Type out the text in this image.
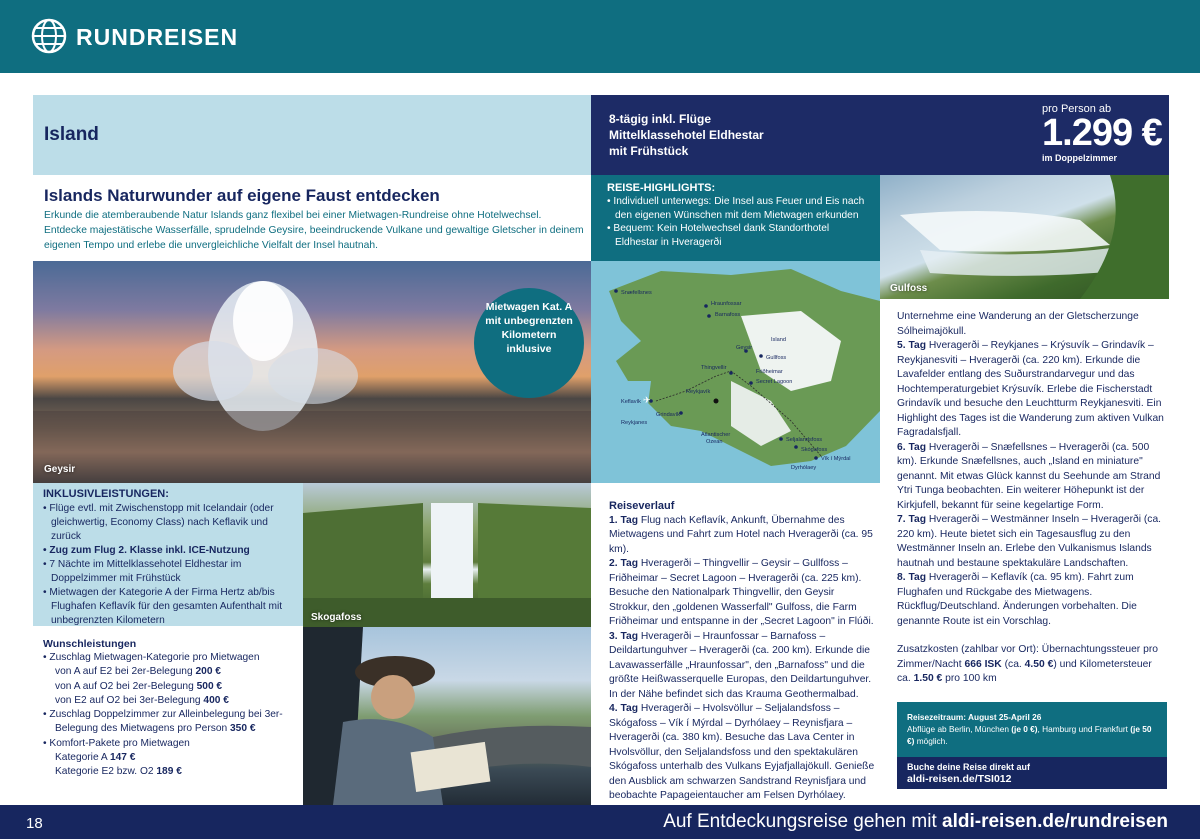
RUNDREISEN
Island
8-tägig inkl. Flüge
Mittelklassehotel Eldhestar
mit Frühstück
pro Person ab
1.299 €
im Doppelzimmer
Islands Naturwunder auf eigene Faust entdecken
Erkunde die atemberaubende Natur Islands ganz flexibel bei einer Mietwagen-Rundreise ohne Hotelwechsel. Entdecke majestätische Wasserfälle, sprudelnde Geysire, beeindruckende Vulkane und gewaltige Gletscher in deinem eigenen Tempo und erlebe die unvergleichliche Vielfalt der Insel hautnah.
REISE-HIGHLIGHTS:
• Individuell unterwegs: Die Insel aus Feuer und Eis nach den eigenen Wünschen mit dem Mietwagen erkunden
• Bequem: Kein Hotelwechsel dank Standorthotel Eldhestar in Hveragerði
Geysir
Mietwagen Kat. A
mit unbegrenzten
Kilometern
inklusive
Gulfoss
Snæfellsnes
Hraunfossar
Barnafoss
Island
Geysir
Gullfoss
Thingvellir
Friðheimar
Secret Lagoon
Keflavík
Reykjanes
Grindavík
Atlantischer
Ozean	Seljalandsfoss
Skógafoss
Vík í Mýrdal
Dyrhólaey
Reykjavík
✈
INKLUSIVLEISTUNGEN:
• Flüge evtl. mit Zwischenstopp mit Icelandair (oder gleichwertig, Economy Class) nach Keflavik und zurück
• Zug zum Flug 2. Klasse inkl. ICE-Nutzung
• 7 Nächte im Mittelklassehotel Eldhestar im Doppelzimmer mit Frühstück
• Mietwagen der Kategorie A der Firma Hertz ab/bis Flughafen Keflavík für den gesamten Aufenthalt mit unbegrenzten Kilometern	Skogafoss
Wunschleistungen
• Zuschlag Mietwagen-Kategorie pro Mietwagen
von A auf E2 bei 2er-Belegung 200 €
von A auf O2 bei 2er-Belegung 500 €
von E2 auf O2 bei 3er-Belegung 400 €
• Zuschlag Doppelzimmer zur Alleinbelegung bei 3er-
Belegung des Mietwagens pro Person 350 €
• Komfort-Pakete pro Mietwagen
Kategorie A 147 €
Kategorie E2 bzw. O2 189 €
Reiseverlauf
1. Tag Flug nach Keflavík, Ankunft, Übernahme des Mietwagens und Fahrt zum Hotel nach Hveragerði (ca. 95 km).
2. Tag Hveragerði – Thingvellir – Geysir – Gullfoss – Friðheimar – Secret Lagoon – Hveragerði (ca. 225 km). Besuche den Nationalpark Thingvellir, den Geysir Strokkur, den „goldenen Wasserfall" Gulfoss, die Farm Friðheimar und entspanne in der „Secret Lagoon" in Flúði.
3. Tag Hveragerði – Hraunfossar – Barnafoss – Deildartunguhver – Hveragerði (ca. 200 km). Erkunde die Lavawasserfälle „Hraunfossar", den „Barnafoss" und die größte Heißwasserquelle Europas, den Deildartunguhver. In der Nähe befindet sich das Krauma Geothermalbad.
4. Tag Hveragerði – Hvolsvöllur – Seljalandsfoss – Skógafoss – Vík í Mýrdal – Dyrhólaey – Reynisfjara – Hveragerði (ca. 380 km). Besuche das Lava Center in Hvolsvöllur, den Seljalandsfoss und den spektakulären Skógafoss unterhalb des Vulkans Eyjafjallajökull. Genieße den Ausblick am schwarzen Sandstrand Reynisfjara und beobachte Papageientaucher am Felsen Dyrhólaey.
Unternehme eine Wanderung an der Gletscherzunge Sólheimajökull.
5. Tag Hveragerði – Reykjanes – Krýsuvík – Grindavík – Reykjanesviti – Hveragerði (ca. 220 km). Erkunde die Lavafelder entlang des Suðurstrandarvegur und das Hochtemperaturgebiet Krýsuvík. Erlebe die Fischerstadt Grindavík und besuche den Leuchtturm Reykjanesviti. Ein Highlight des Tages ist die Wanderung zum aktiven Vulkan Fagradalsfjall.
6. Tag Hveragerði – Snæfellsnes – Hveragerði (ca. 500 km). Erkunde Snæfellsnes, auch „Island en miniature" genannt. Mit etwas Glück kannst du Seehunde am Strand Ytri Tunga beobachten. Ein weiterer Höhepunkt ist der Kirkjufell, bekannt für seine kegelartige Form.
7. Tag Hveragerði – Westmänner Inseln – Hveragerði (ca. 220 km). Heute bietet sich ein Tagesausflug zu den Westmänner Inseln an. Erlebe den Vulkanismus Islands hautnah und bestaune spektakuläre Landschaften.
8. Tag Hveragerði – Keflavík (ca. 95 km). Fahrt zum Flughafen und Rückgabe des Mietwagens. Rückflug/Deutschland. Änderungen vorbehalten. Die genannte Route ist ein Vorschlag.
Zusatzkosten (zahlbar vor Ort): Übernachtungssteuer pro Zimmer/Nacht 666 ISK (ca. 4.50 €) und Kilometersteuer ca. 1.50 € pro 100 km
Reisezeitraum: August 25-April 26
Abflüge ab Berlin, München (je 0 €), Hamburg und Frankfurt (je 50 €) möglich.
Buche deine Reise direkt auf
aldi-reisen.de/TSI012
18	Auf Entdeckungsreise gehen mit aldi-reisen.de/rundreisen
